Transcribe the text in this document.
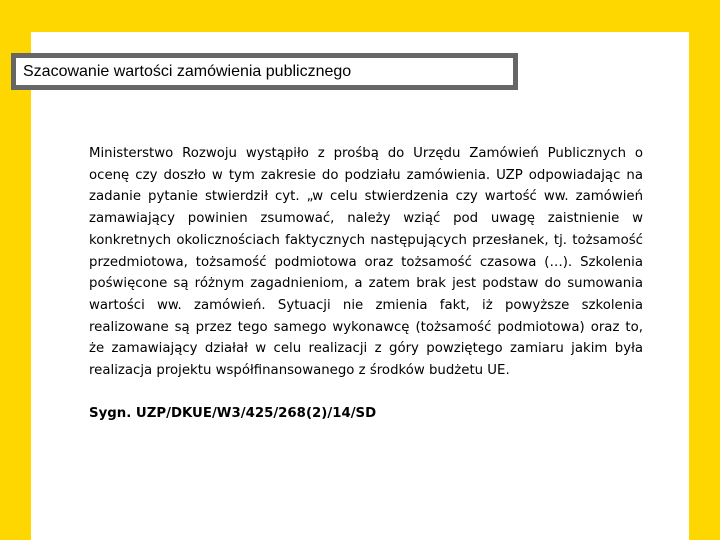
Szacowanie wartości zamówienia publicznego

Ministerstwo Rozwoju wystąpiło z prośbą do Urzędu Zamówień Publicznych o ocenę czy doszło w tym zakresie do podziału zamówienia. UZP odpowiadając na zadanie pytanie stwierdził cyt. „w celu stwierdzenia czy wartość ww. zamówień zamawiający powinien zsumować, należy wziąć pod uwagę zaistnienie w konkretnych okolicznościach faktycznych następujących przesłanek, tj. tożsamość przedmiotowa, tożsamość podmiotowa oraz tożsamość czasowa (…). Szkolenia poświęcone są różnym zagadnieniom, a zatem brak jest podstaw do sumowania wartości ww. zamówień. Sytuacji nie zmienia fakt, iż powyższe szkolenia realizowane są przez tego samego wykonawcę (tożsamość podmiotowa) oraz to, że zamawiający działał w celu realizacji z góry powziętego zamiaru jakim była realizacja projektu współfinansowanego z środków budżetu UE.

Sygn. UZP/DKUE/W3/425/268(2)/14/SD
